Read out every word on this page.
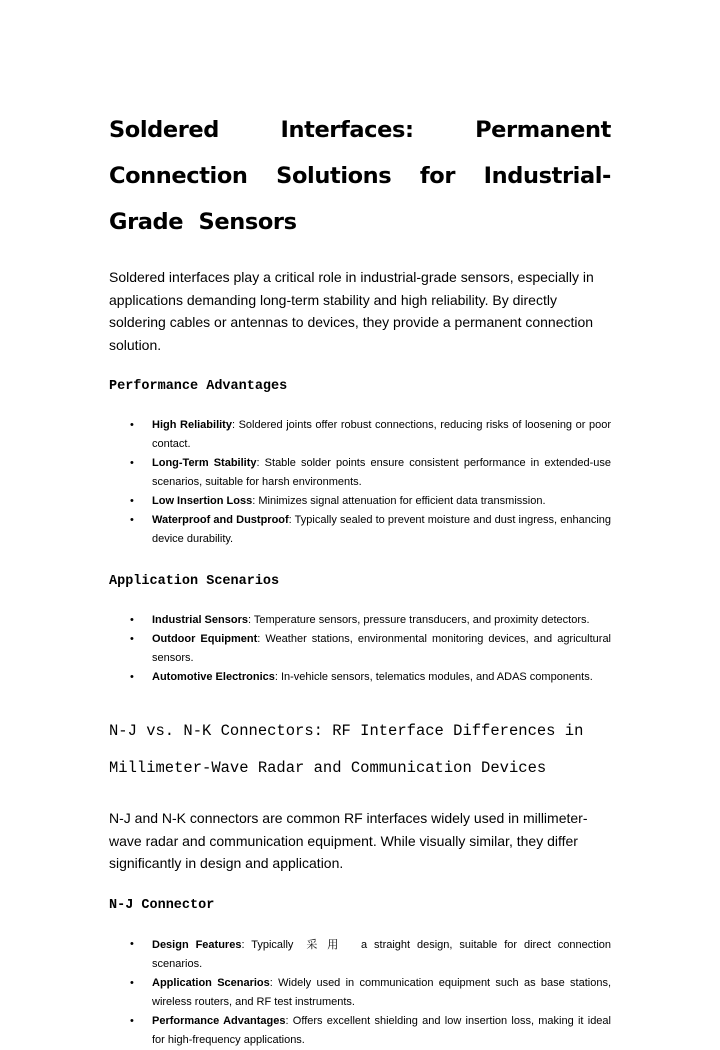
Soldered Interfaces: Permanent Connection Solutions for Industrial-Grade Sensors

Soldered interfaces play a critical role in industrial-grade sensors, especially in applications demanding long-term stability and high reliability. By directly soldering cables or antennas to devices, they provide a permanent connection solution.

Performance Advantages
• High Reliability: Soldered joints offer robust connections, reducing risks of loosening or poor contact.
• Long-Term Stability: Stable solder points ensure consistent performance in extended-use scenarios, suitable for harsh environments.
• Low Insertion Loss: Minimizes signal attenuation for efficient data transmission.
• Waterproof and Dustproof: Typically sealed to prevent moisture and dust ingress, enhancing device durability.
Application Scenarios
• Industrial Sensors: Temperature sensors, pressure transducers, and proximity detectors.
• Outdoor Equipment: Weather stations, environmental monitoring devices, and agricultural sensors.
• Automotive Electronics: In-vehicle sensors, telematics modules, and ADAS components.
N-J vs. N-K Connectors: RF Interface Differences in Millimeter-Wave Radar and Communication Devices

N-J and N-K connectors are common RF interfaces widely used in millimeter-wave radar and communication equipment. While visually similar, they differ significantly in design and application.

N-J Connector
• Design Features: Typically 采用 a straight design, suitable for direct connection scenarios.
• Application Scenarios: Widely used in communication equipment such as base stations, wireless routers, and RF test instruments.
• Performance Advantages: Offers excellent shielding and low insertion loss, making it ideal for high-frequency applications.
